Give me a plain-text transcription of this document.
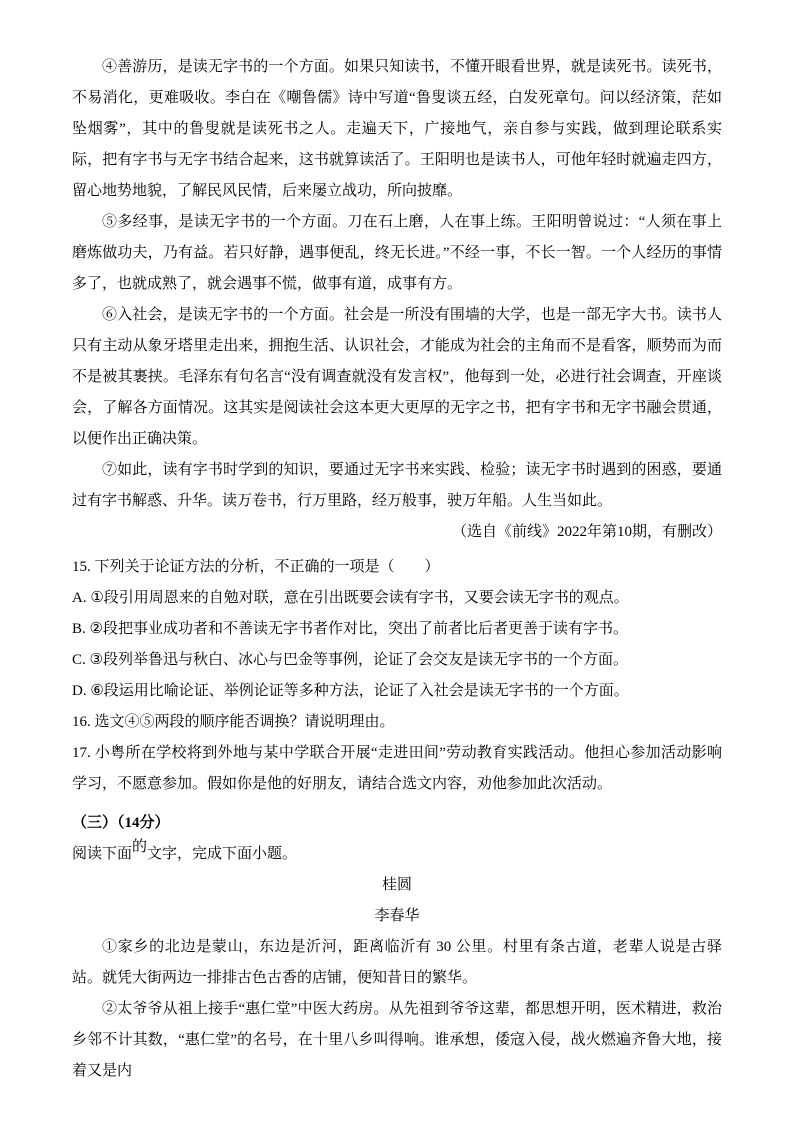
④善游历，是读无字书的一个方面。如果只知读书，不懂开眼看世界，就是读死书。读死书，不易消化，更难吸收。李白在《嘲鲁儒》诗中写道“鲁叟谈五经，白发死章句。问以经济策，茫如坠烟雾”，其中的鲁叟就是读死书之人。走遍天下，广接地气，亲自参与实践，做到理论联系实际，把有字书与无字书结合起来，这书就算读活了。王阳明也是读书人，可他年轻时就遍走四方，留心地势地貌，了解民风民情，后来屡立战功，所向披靡。

⑤多经事，是读无字书的一个方面。刀在石上磨，人在事上练。王阳明曾说过：“人须在事上磨炼做功夫，乃有益。若只好静，遇事便乱，终无长进。”不经一事，不长一智。一个人经历的事情多了，也就成熟了，就会遇事不慌，做事有道，成事有方。

⑥入社会，是读无字书的一个方面。社会是一所没有围墙的大学，也是一部无字大书。读书人只有主动从象牙塔里走出来，拥抱生活、认识社会，才能成为社会的主角而不是看客，顺势而为而不是被其裹挟。毛泽东有句名言“没有调查就没有发言权”，他每到一处，必进行社会调查，开座谈会，了解各方面情况。这其实是阅读社会这本更大更厚的无字之书，把有字书和无字书融会贯通，以便作出正确决策。

⑦如此，读有字书时学到的知识，要通过无字书来实践、检验；读无字书时遇到的困惑，要通过有字书解惑、升华。读万卷书，行万里路，经万般事，驶万年船。人生当如此。

（选自《前线》2022年第10期，有删改）

15. 下列关于论证方法的分析，不正确的一项是（　　）

A. ①段引用周恩来的自勉对联，意在引出既要会读有字书，又要会读无字书的观点。

B. ②段把事业成功者和不善读无字书者作对比，突出了前者比后者更善于读有字书。

C. ③段列举鲁迅与秋白、冰心与巴金等事例，论证了会交友是读无字书的一个方面。

D. ⑥段运用比喻论证、举例论证等多种方法，论证了入社会是读无字书的一个方面。

16. 选文④⑤两段的顺序能否调换？请说明理由。

17. 小粤所在学校将到外地与某中学联合开展“走进田间”劳动教育实践活动。他担心参加活动影响学习，不愿意参加。假如你是他的好朋友，请结合选文内容，劝他参加此次活动。

（三）（14分）

阅读下面的文字，完成下面小题。

桂圆

李春华

①家乡的北边是蒙山，东边是沂河，距离临沂有 30 公里。村里有条古道，老辈人说是古驿站。就凭大街两边一排排古色古香的店铺，便知昔日的繁华。

②太爷爷从祖上接手“惠仁堂”中医大药房。从先祖到爷爷这辈，都思想开明，医术精进，救治乡邻不计其数，“惠仁堂”的名号，在十里八乡叫得响。谁承想，倭寇入侵，战火燃遍齐鲁大地，接着又是内
